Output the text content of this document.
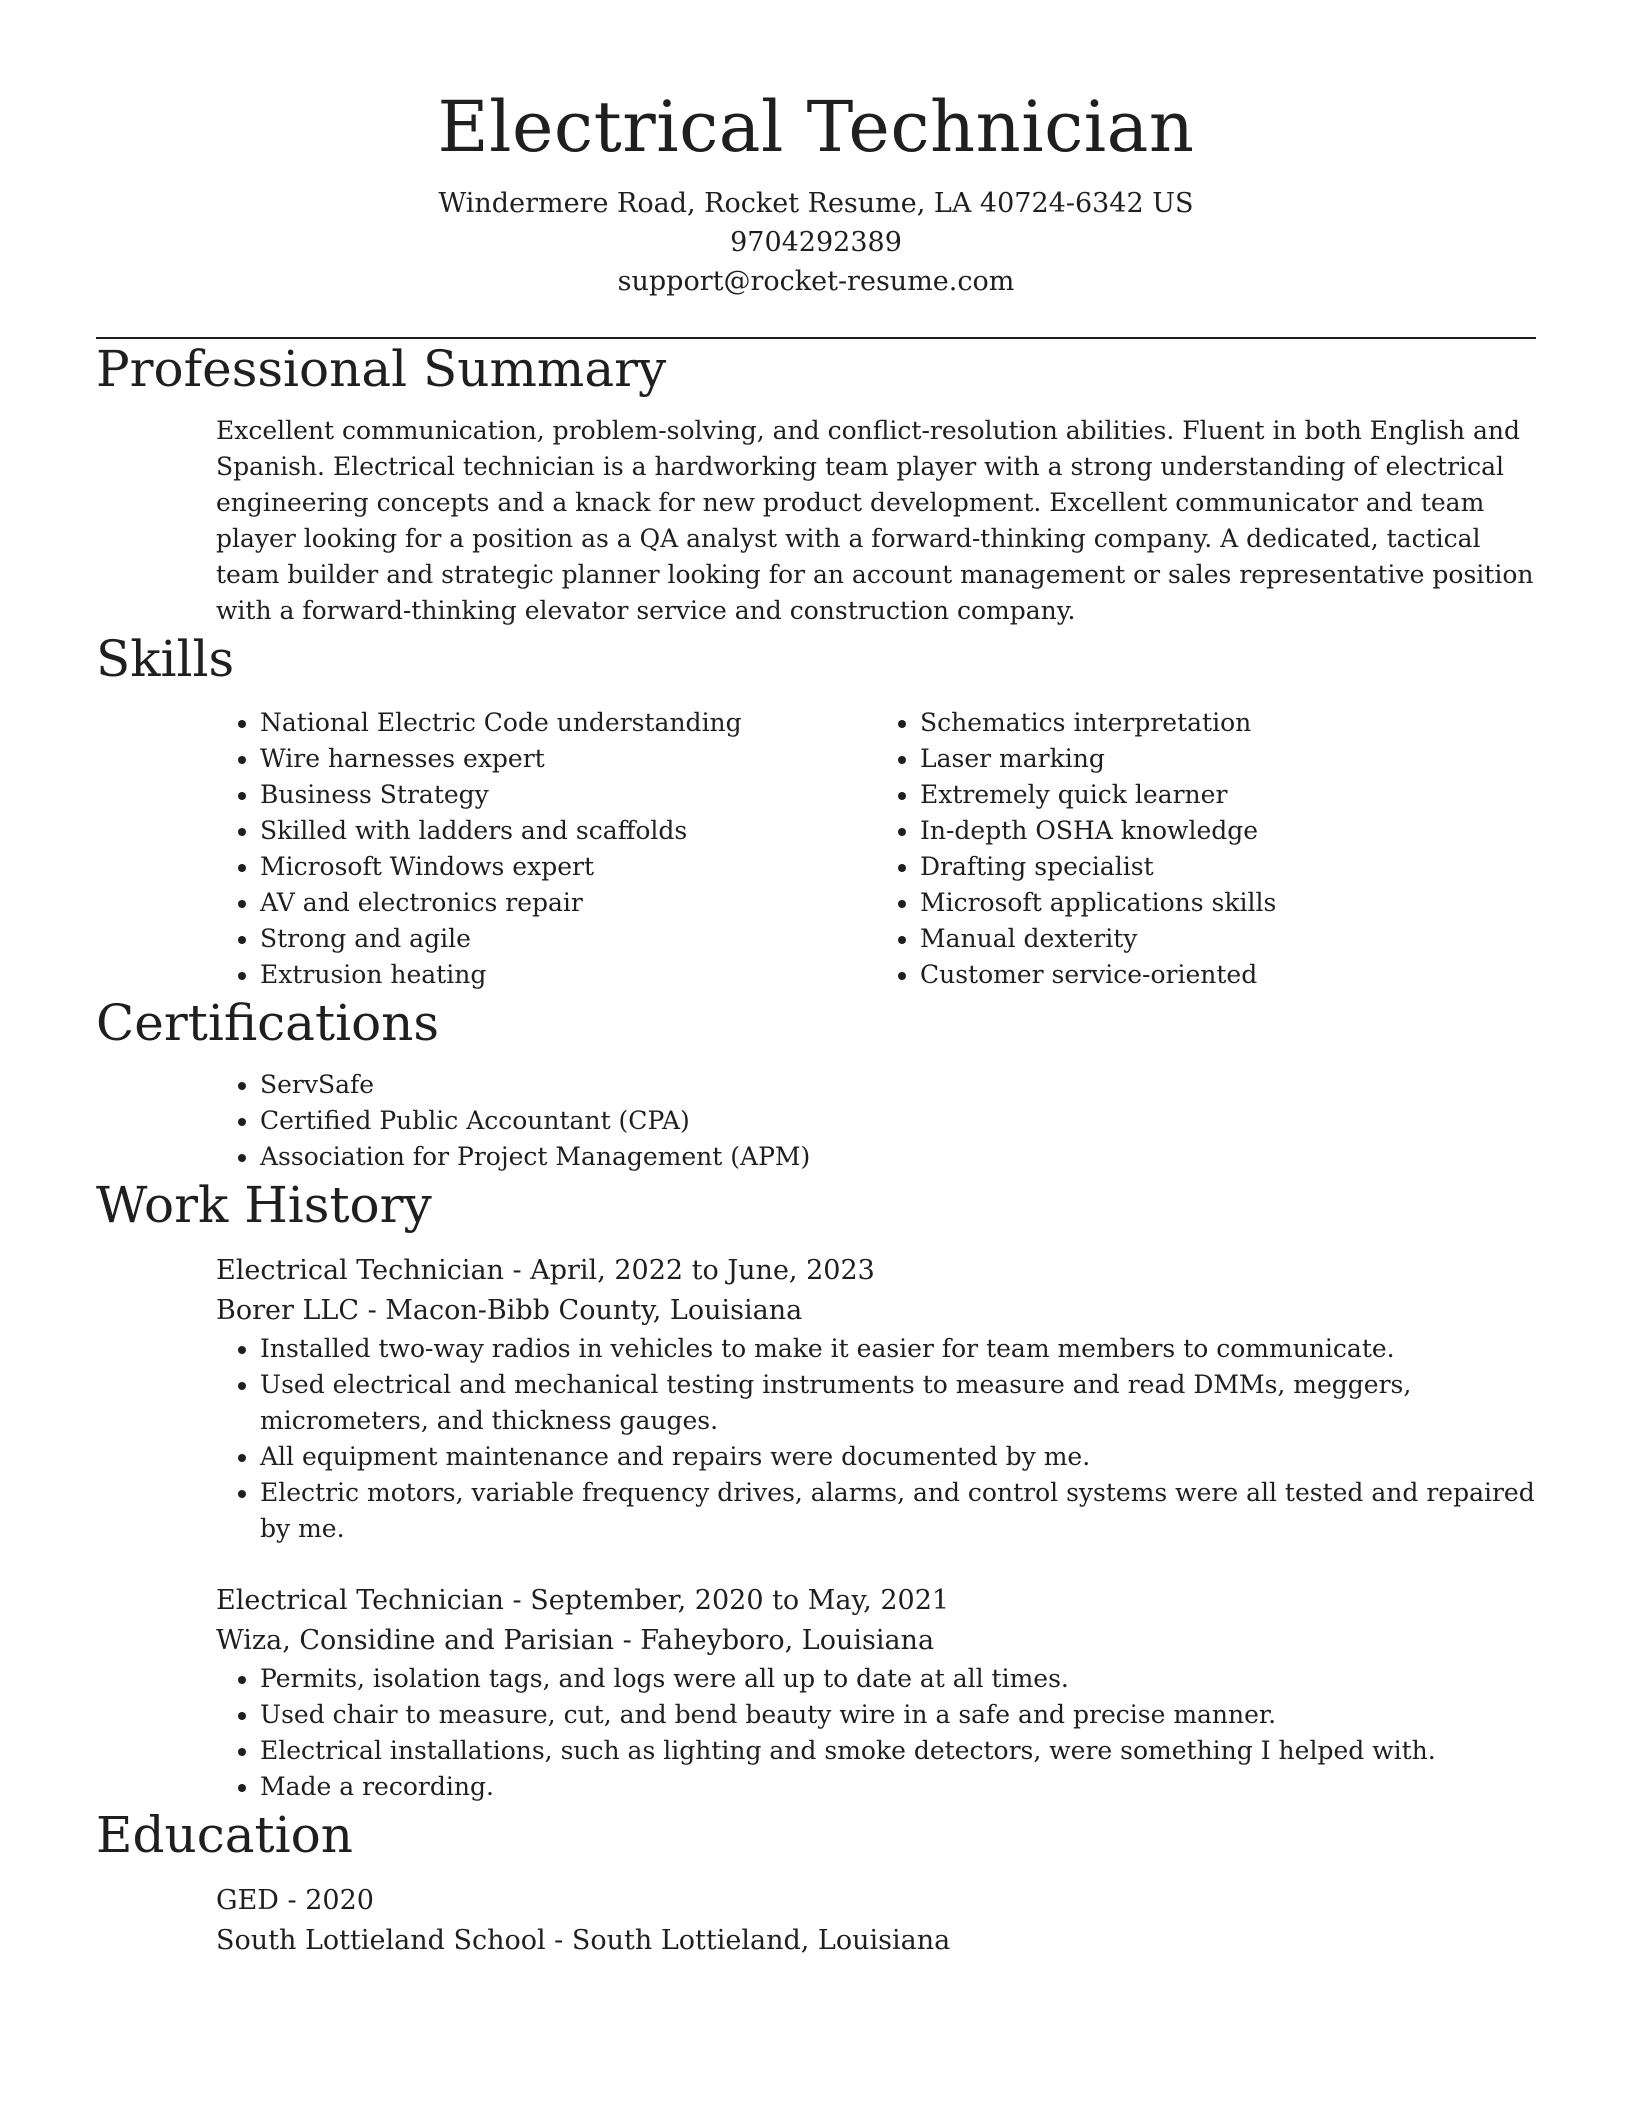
Electrical Technician

Windermere Road, Rocket Resume, LA 40724-6342 US

9704292389

support@rocket-resume.com

Professional Summary
Excellent communication, problem-solving, and conflict-resolution abilities. Fluent in both English and Spanish. Electrical technician is a hardworking team player with a strong understanding of electrical engineering concepts and a knack for new product development. Excellent communicator and team player looking for a position as a QA analyst with a forward-thinking company. A dedicated, tactical team builder and strategic planner looking for an account management or sales representative position with a forward-thinking elevator service and construction company.
Skills
• National Electric Code understanding
• Wire harnesses expert
• Business Strategy
• Skilled with ladders and scaffolds
• Microsoft Windows expert
• AV and electronics repair
• Strong and agile
• Extrusion heating
• Schematics interpretation
• Laser marking
• Extremely quick learner
• In-depth OSHA knowledge
• Drafting specialist
• Microsoft applications skills
• Manual dexterity
• Customer service-oriented
Certifications
• ServSafe
• Certified Public Accountant (CPA)
• Association for Project Management (APM)
Work History
Electrical Technician - April, 2022 to June, 2023
Borer LLC - Macon-Bibb County, Louisiana
• Installed two-way radios in vehicles to make it easier for team members to communicate.
• Used electrical and mechanical testing instruments to measure and read DMMs, meggers, micrometers, and thickness gauges.
• All equipment maintenance and repairs were documented by me.
• Electric motors, variable frequency drives, alarms, and control systems were all tested and repaired by me.
Electrical Technician - September, 2020 to May, 2021
Wiza, Considine and Parisian - Faheyboro, Louisiana
• Permits, isolation tags, and logs were all up to date at all times.
• Used chair to measure, cut, and bend beauty wire in a safe and precise manner.
• Electrical installations, such as lighting and smoke detectors, were something I helped with.
• Made a recording.
Education
GED - 2020
South Lottieland School - South Lottieland, Louisiana
